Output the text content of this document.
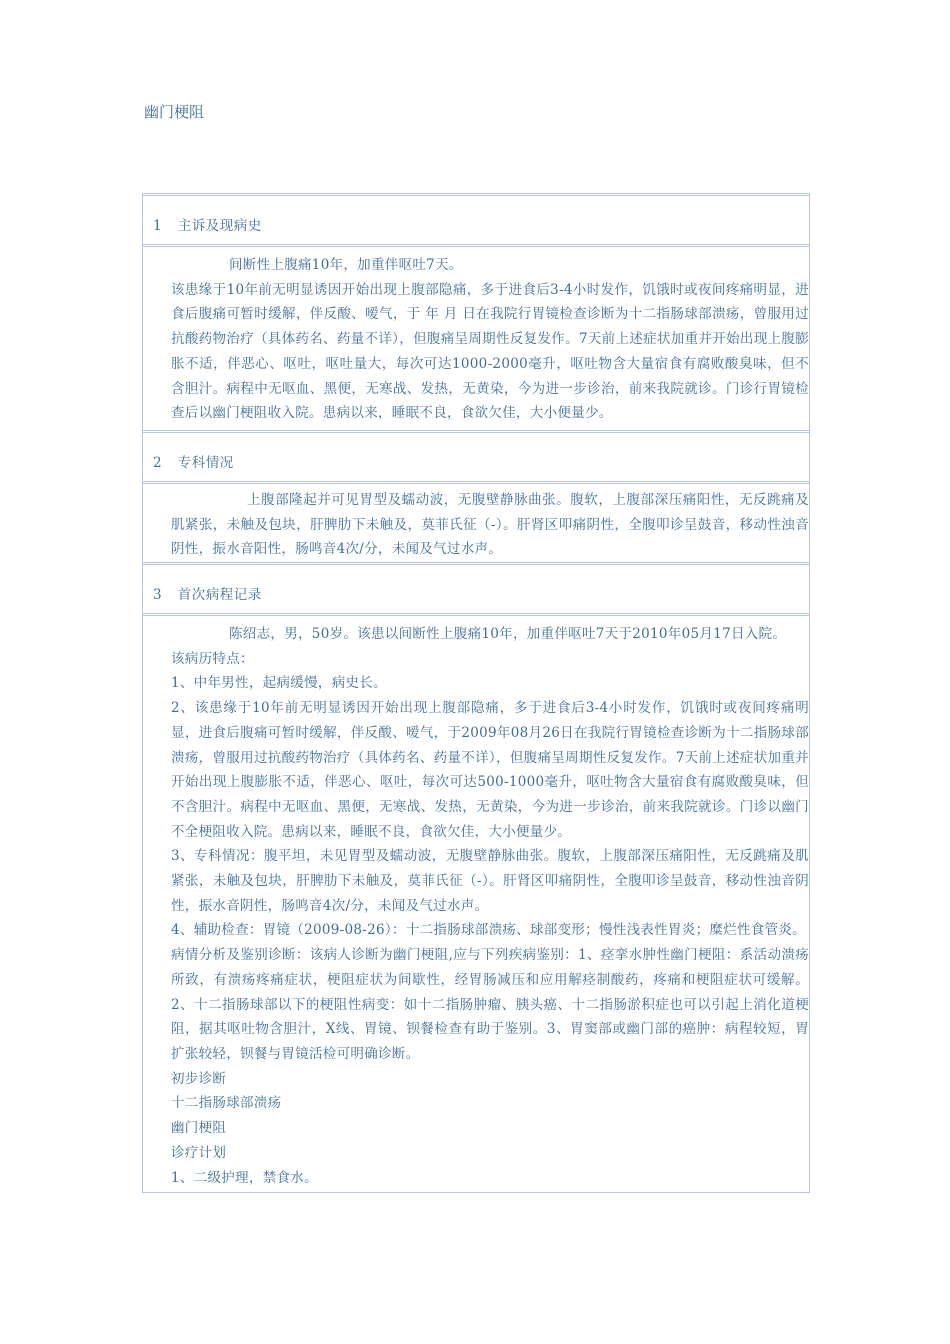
幽门梗阻
1 主诉及现病史

间断性上腹痛10年，加重伴呕吐7天。

该患缘于10年前无明显诱因开始出现上腹部隐痛，多于进食后3-4小时发作，饥饿时或夜间疼痛明显，进食后腹痛可暂时缓解，伴反酸、嗳气，于 年 月 日在我院行胃镜检查诊断为十二指肠球部溃疡，曾服用过抗酸药物治疗（具体药名、药量不详），但腹痛呈周期性反复发作。7天前上述症状加重并开始出现上腹膨胀不适，伴恶心、呕吐，呕吐量大，每次可达1000-2000毫升，呕吐物含大量宿食有腐败酸臭味，但不含胆汁。病程中无呕血、黑便，无寒战、发热，无黄染，今为进一步诊治，前来我院就诊。门诊行胃镜检查后以幽门梗阻收入院。患病以来，睡眠不良，食欲欠佳，大小便量少。

2 专科情况

上腹部隆起并可见胃型及蠕动波，无腹壁静脉曲张。腹软，上腹部深压痛阳性，无反跳痛及肌紧张，未触及包块，肝脾肋下未触及，莫菲氏征（-）。肝肾区叩痛阴性，全腹叩诊呈鼓音，移动性浊音阴性，振水音阳性，肠鸣音4次/分，未闻及气过水声。

3 首次病程记录

陈绍志，男，50岁。该患以间断性上腹痛10年，加重伴呕吐7天于2010年05月17日入院。

该病历特点：

1、中年男性，起病缓慢，病史长。

2、该患缘于10年前无明显诱因开始出现上腹部隐痛，多于进食后3-4小时发作，饥饿时或夜间疼痛明显，进食后腹痛可暂时缓解，伴反酸、嗳气，于2009年08月26日在我院行胃镜检查诊断为十二指肠球部溃疡，曾服用过抗酸药物治疗（具体药名、药量不详），但腹痛呈周期性反复发作。7天前上述症状加重并开始出现上腹膨胀不适，伴恶心、呕吐，每次可达500-1000毫升，呕吐物含大量宿食有腐败酸臭味，但不含胆汁。病程中无呕血、黑便，无寒战、发热，无黄染，今为进一步诊治，前来我院就诊。门诊以幽门不全梗阻收入院。患病以来，睡眠不良，食欲欠佳，大小便量少。

3、专科情况：腹平坦，未见胃型及蠕动波，无腹壁静脉曲张。腹软，上腹部深压痛阳性，无反跳痛及肌紧张，未触及包块，肝脾肋下未触及，莫菲氏征（-）。肝肾区叩痛阴性，全腹叩诊呈鼓音，移动性浊音阴性，振水音阴性，肠鸣音4次/分，未闻及气过水声。

4、辅助检查：胃镜（2009-08-26）：十二指肠球部溃疡、球部变形；慢性浅表性胃炎；糜烂性食管炎。

病情分析及鉴别诊断：该病人诊断为幽门梗阻,应与下列疾病鉴别：1、痉挛水肿性幽门梗阻：系活动溃疡所致，有溃疡疼痛症状，梗阻症状为间歇性，经胃肠减压和应用解痉制酸药，疼痛和梗阻症状可缓解。2、十二指肠球部以下的梗阻性病变：如十二指肠肿瘤、胰头癌、十二指肠淤积症也可以引起上消化道梗阻，据其呕吐物含胆汁，X线、胃镜、钡餐检查有助于鉴别。3、胃窦部或幽门部的癌肿：病程较短，胃扩张较轻，钡餐与胃镜活检可明确诊断。

初步诊断

十二指肠球部溃疡

幽门梗阻

诊疗计划

1、二级护理，禁食水。
